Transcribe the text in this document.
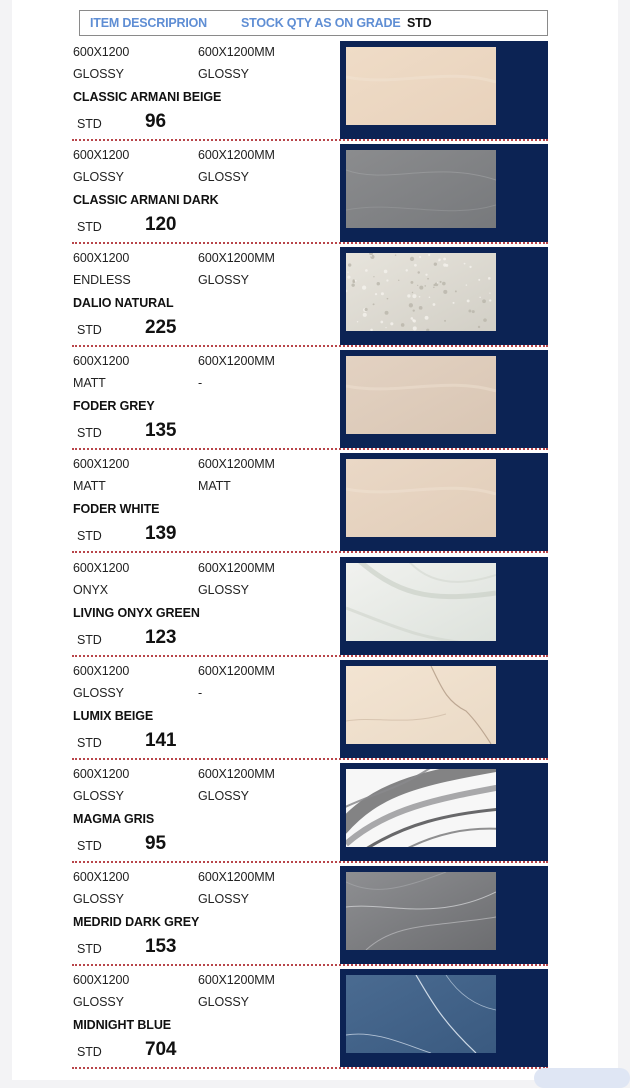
ITEM DESCRIPRION	STOCK QTY AS ON GRADE STD
600X1200	600X1200MM
GLOSSY	GLOSSY
CLASSIC ARMANI BEIGE
STD 96
600X1200	600X1200MM
GLOSSY	GLOSSY
CLASSIC ARMANI DARK
STD 120
600X1200	600X1200MM
ENDLESS	GLOSSY
DALIO NATURAL
STD 225
600X1200	600X1200MM
MATT	-
FODER GREY
STD 135
600X1200	600X1200MM
MATT	MATT
FODER WHITE
STD 139
600X1200	600X1200MM
ONYX	GLOSSY
LIVING ONYX GREEN
STD 123
600X1200	600X1200MM
GLOSSY	-
LUMIX BEIGE
STD 141
600X1200	600X1200MM
GLOSSY	GLOSSY
MAGMA GRIS
STD 95
600X1200	600X1200MM
GLOSSY	GLOSSY
MEDRID DARK GREY
STD 153
600X1200	600X1200MM
GLOSSY	GLOSSY
MIDNIGHT BLUE
STD 704
